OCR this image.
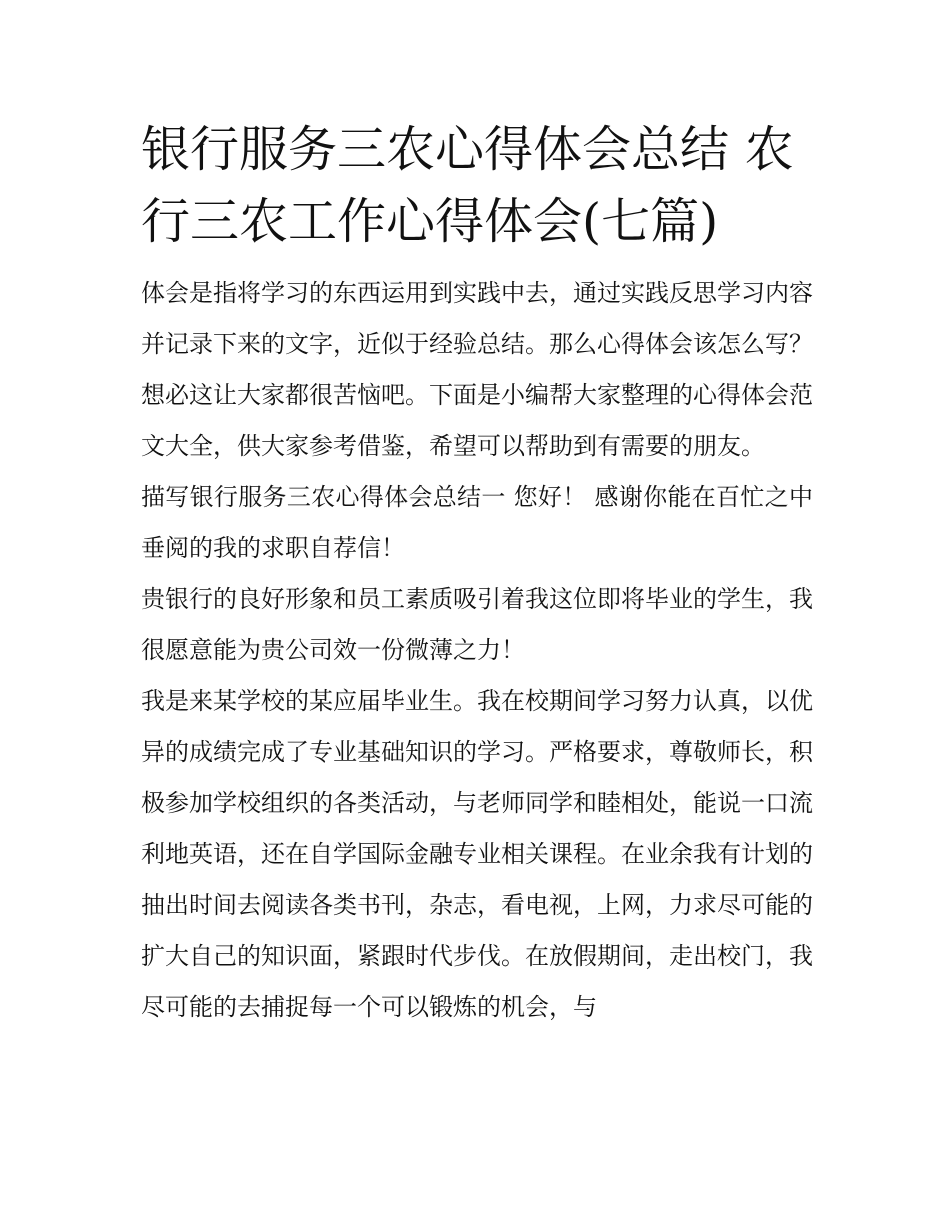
银行服务三农心得体会总结 农行三农工作心得体会(七篇)

体会是指将学习的东西运用到实践中去，通过实践反思学习内容并记录下来的文字，近似于经验总结。那么心得体会该怎么写？想必这让大家都很苦恼吧。下面是小编帮大家整理的心得体会范文大全，供大家参考借鉴，希望可以帮助到有需要的朋友。

描写银行服务三农心得体会总结一 您好！ 感谢你能在百忙之中垂阅的我的求职自荐信！

贵银行的良好形象和员工素质吸引着我这位即将毕业的学生，我很愿意能为贵公司效一份微薄之力！

我是来某学校的某应届毕业生。我在校期间学习努力认真，以优异的成绩完成了专业基础知识的学习。严格要求，尊敬师长，积极参加学校组织的各类活动，与老师同学和睦相处，能说一口流利地英语，还在自学国际金融专业相关课程。在业余我有计划的抽出时间去阅读各类书刊，杂志，看电视，上网，力求尽可能的扩大自己的知识面，紧跟时代步伐。在放假期间，走出校门，我尽可能的去捕捉每一个可以锻炼的机会，与
